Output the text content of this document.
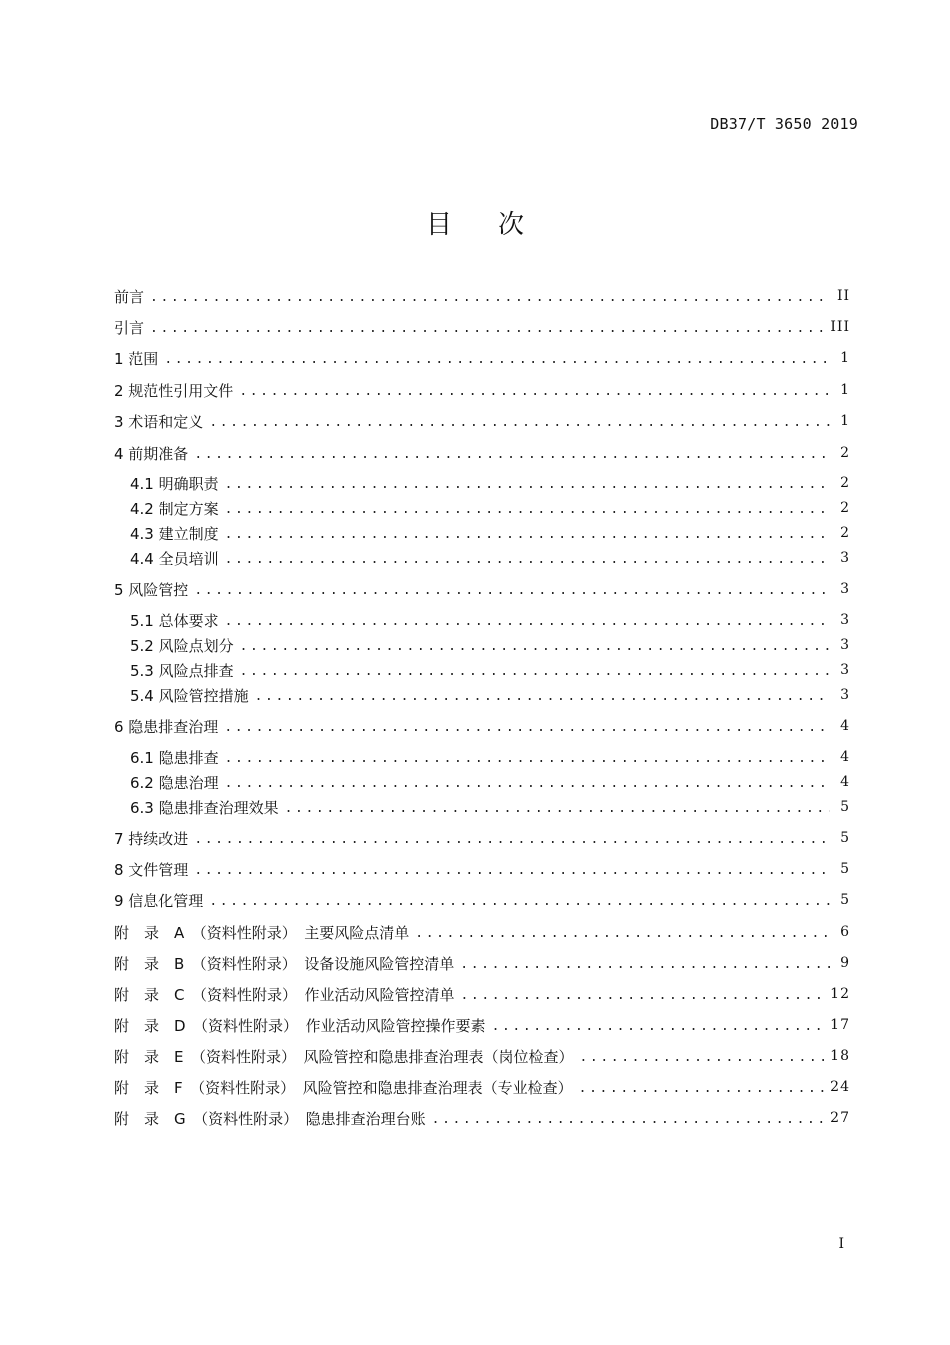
DB37/T 3650 2019
目次
前言 .....	II
引言 .....	III
1 范围 .....	1
2 规范性引用文件 .....	1
3 术语和定义 .....	1
4 前期准备 .....	2
4.1 明确职责 .....	2
4.2 制定方案 .....	2
4.3 建立制度 .....	2
4.4 全员培训 .....	3
5 风险管控 .....	3
5.1 总体要求 .....	3
5.2 风险点划分 .....	3
5.3 风险点排查 .....	3
5.4 风险管控措施 .....	3
6 隐患排查治理 .....	4
6.1 隐患排查 .....	4
6.2 隐患治理 .....	4
6.3 隐患排查治理效果 .....	5
7 持续改进 .....	5
8 文件管理 .....	5
9 信息化管理 .....	5
附　录　A　（资料性附录）　主要风险点清单 .....	6
附　录　B　（资料性附录）　设备设施风险管控清单 .....	9
附　录　C　（资料性附录）　作业活动风险管控清单 .....	12
附　录　D　（资料性附录）　作业活动风险管控操作要素 .....	17
附　录　E　（资料性附录）　风险管控和隐患排查治理表（岗位检查） .....	18
附　录　F　（资料性附录）　风险管控和隐患排查治理表（专业检查） .....	24
附　录　G　（资料性附录）　隐患排查治理台账 .....	27
I
